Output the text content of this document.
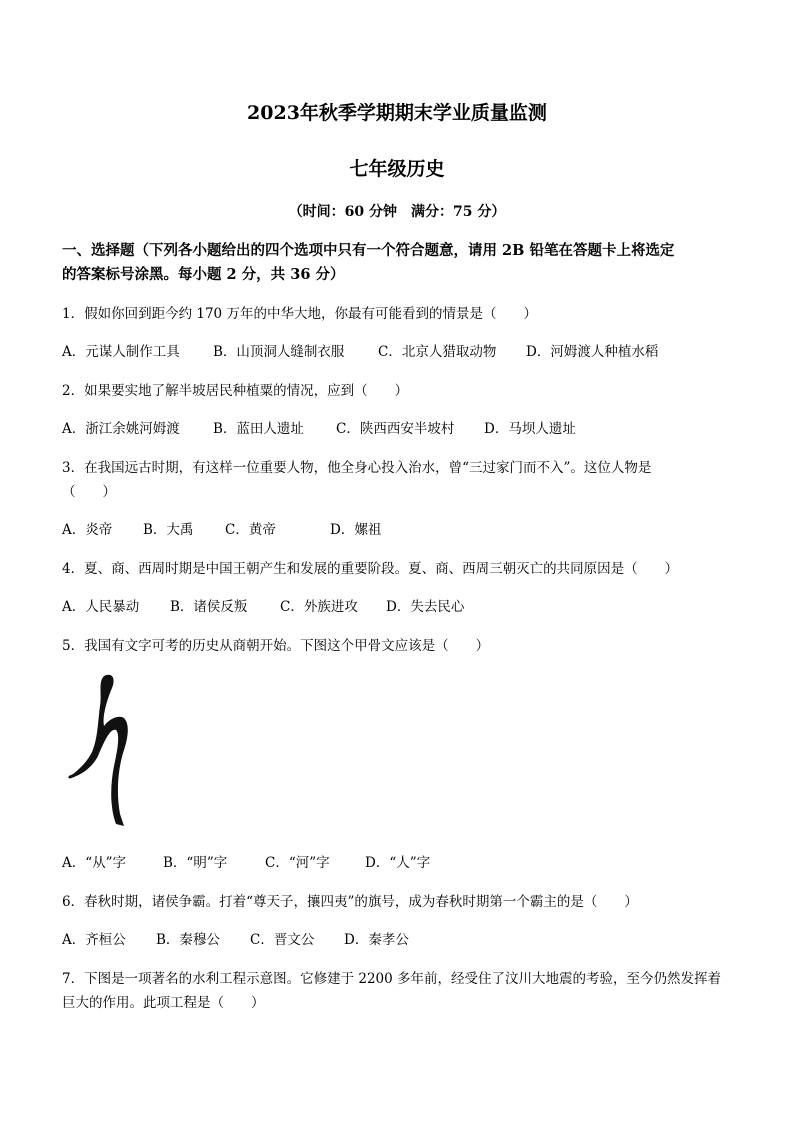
2023年秋季学期期末学业质量监测
七年级历史
（时间：60 分钟　满分：75 分）
一、选择题（下列各小题给出的四个选项中只有一个符合题意，请用 2B 铅笔在答题卡上将选定
的答案标号涂黑。每小题 2 分，共 36 分）
1．假如你回到距今约 170 万年的中华大地，你最有可能看到的情景是（　　）
A．元谋人制作工具 B．山顶洞人缝制衣服 C．北京人猎取动物 D．河姆渡人种植水稻
2．如果要实地了解半坡居民种植粟的情况，应到（　　）
A．浙江余姚河姆渡 B．蓝田人遗址 C．陕西西安半坡村 D．马坝人遗址
3．在我国远古时期，有这样一位重要人物，他全身心投入治水，曾“三过家门而不入”。这位人物是
（　　）
A．炎帝 B．大禹 C．黄帝	D．嫘祖
4．夏、商、西周时期是中国王朝产生和发展的重要阶段。夏、商、西周三朝灭亡的共同原因是（　　）
A．人民暴动 B．诸侯反叛 C．外族进攻 D．失去民心
5．我国有文字可考的历史从商朝开始。下图这个甲骨文应该是（　　）
A．“从”字	B．“明”字	C．“河”字	D．“人”字
6．春秋时期，诸侯争霸。打着“尊天子，攘四夷”的旗号，成为春秋时期第一个霸主的是（　　）
A．齐桓公 B．秦穆公 C．晋文公 D．秦孝公
7．下图是一项著名的水利工程示意图。它修建于 2200 多年前，经受住了汶川大地震的考验，至今仍然发挥着
巨大的作用。此项工程是（　　）
